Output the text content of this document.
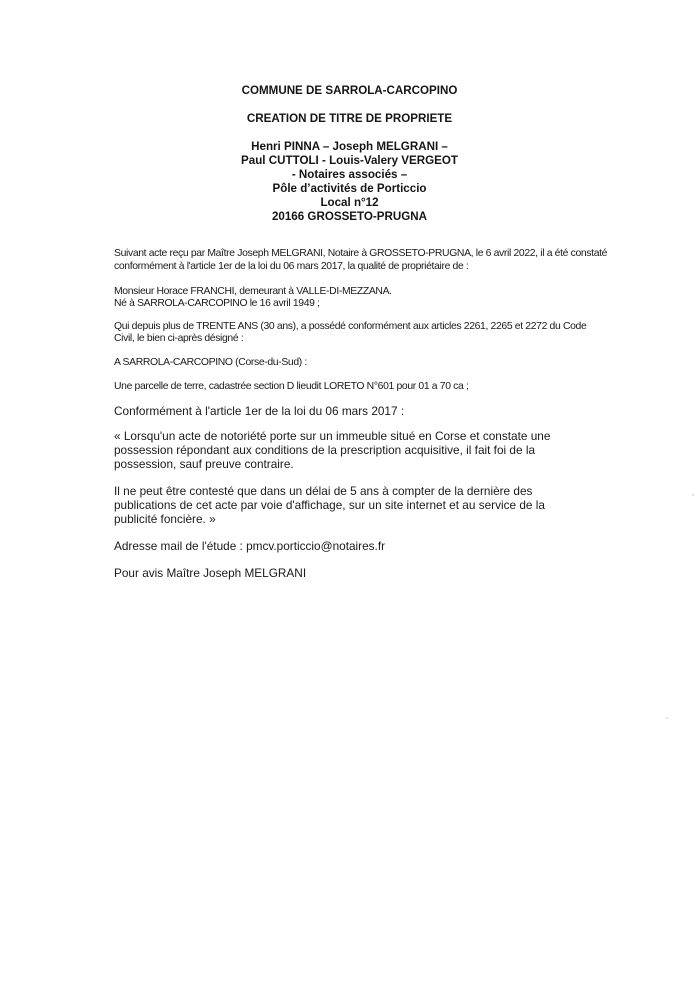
COMMUNE DE SARROLA-CARCOPINO
CREATION DE TITRE DE PROPRIETE
Henri PINNA – Joseph MELGRANI –
Paul CUTTOLI - Louis-Valery VERGEOT
- Notaires associés –
Pôle d’activités de Porticcio
Local n°12
20166 GROSSETO-PRUGNA
Suivant acte reçu par Maître Joseph MELGRANI, Notaire à GROSSETO-PRUGNA, le 6 avril 2022, il a été constaté
conformément à l'article 1er de la loi du 06 mars 2017, la qualité de propriétaire de :
Monsieur Horace FRANCHI, demeurant à VALLE-DI-MEZZANA.
Né à SARROLA-CARCOPINO le 16 avril 1949 ;
Qui depuis plus de TRENTE ANS (30 ans), a possédé conformément aux articles 2261, 2265 et 2272 du Code
Civil, le bien ci-après désigné :
A SARROLA-CARCOPINO (Corse-du-Sud) :
Une parcelle de terre, cadastrée section D lieudit LORETO N°601 pour 01 a 70 ca ;
Conformément à l'article 1er de la loi du 06 mars 2017 :
« Lorsqu'un acte de notoriété porte sur un immeuble situé en Corse et constate une
possession répondant aux conditions de la prescription acquisitive, il fait foi de la
possession, sauf preuve contraire.
Il ne peut être contesté que dans un délai de 5 ans à compter de la dernière des
publications de cet acte par voie d'affichage, sur un site internet et au service de la
publicité foncière. »
Adresse mail de l'étude : pmcv.porticcio@notaires.fr
Pour avis Maître Joseph MELGRANI
